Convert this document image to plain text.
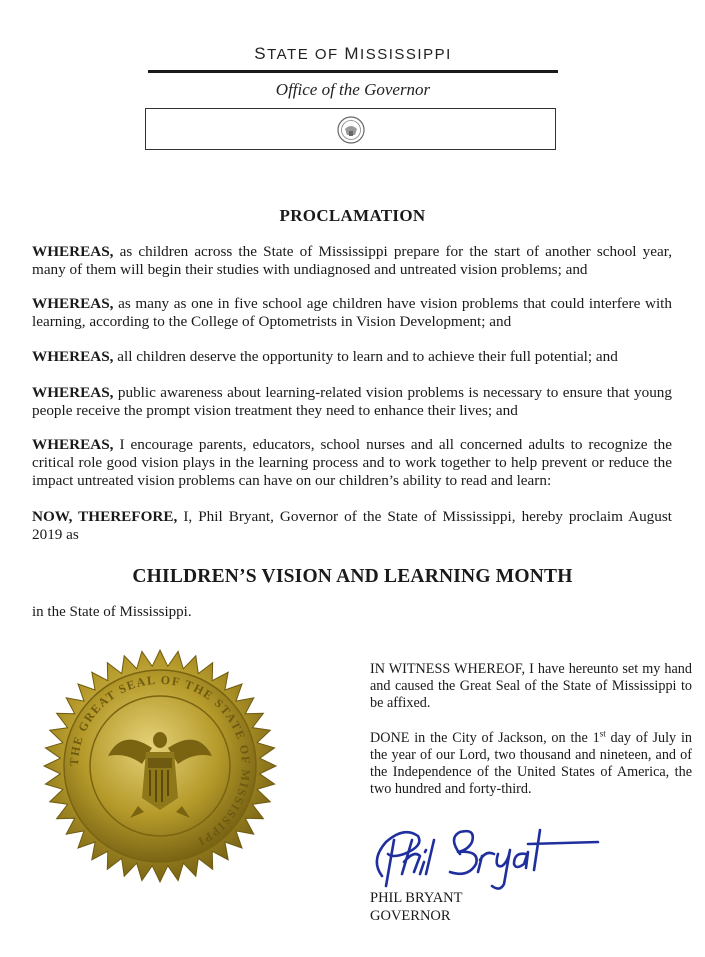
STATE OF MISSISSIPPI
Office of the Governor
PROCLAMATION
WHEREAS, as children across the State of Mississippi prepare for the start of another school year, many of them will begin their studies with undiagnosed and untreated vision problems; and
WHEREAS, as many as one in five school age children have vision problems that could interfere with learning, according to the College of Optometrists in Vision Development; and
WHEREAS, all children deserve the opportunity to learn and to achieve their full potential; and
WHEREAS, public awareness about learning-related vision problems is necessary to ensure that young people receive the prompt vision treatment they need to enhance their lives; and
WHEREAS, I encourage parents, educators, school nurses and all concerned adults to recognize the critical role good vision plays in the learning process and to work together to help prevent or reduce the impact untreated vision problems can have on our children’s ability to read and learn:
NOW, THEREFORE, I, Phil Bryant, Governor of the State of Mississippi, hereby proclaim August 2019 as
CHILDREN’S VISION AND LEARNING MONTH
in the State of Mississippi.
THE GREAT SEAL OF THE STATE OF MISSISSIPPI
IN WITNESS WHEREOF, I have hereunto set my hand and caused the Great Seal of the State of Mississippi to be affixed.
DONE in the City of Jackson, on the 1st day of July in the year of our Lord, two thousand and nineteen, and of the Independence of the United States of America, the two hundred and forty-third.
PHIL BRYANT
GOVERNOR
